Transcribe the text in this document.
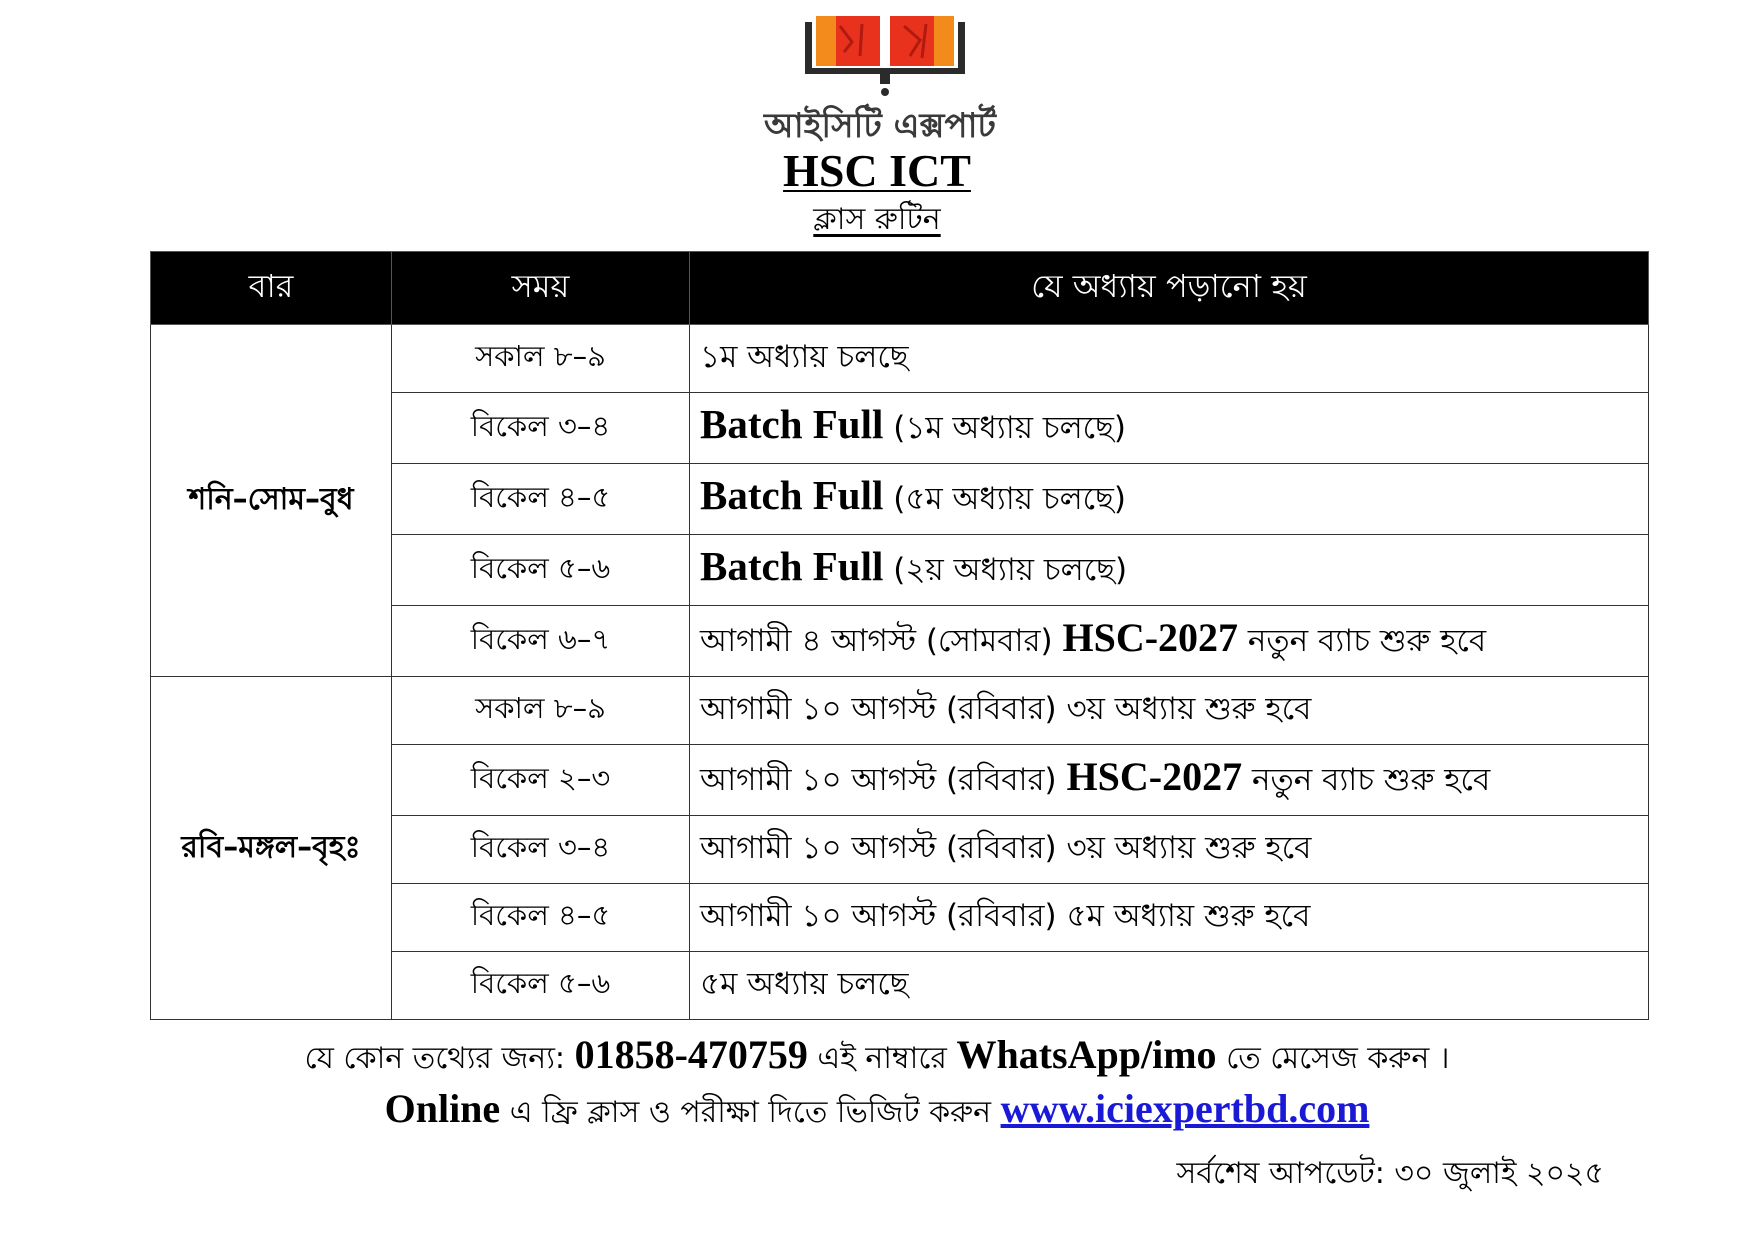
আইসিটি এক্সপার্ট
HSC ICT
ক্লাস রুটিন
বার	সময়	যে অধ্যায় পড়ানো হয়
শনি–সোম–বুধ	সকাল ৮–৯	১ম অধ্যায় চলছে
	বিকেল ৩–৪	Batch Full (১ম অধ্যায় চলছে)
	বিকেল ৪–৫	Batch Full (৫ম অধ্যায় চলছে)
	বিকেল ৫–৬	Batch Full (২য় অধ্যায় চলছে)
	বিকেল ৬–৭	আগামী ৪ আগস্ট (সোমবার) HSC-2027 নতুন ব্যাচ শুরু হবে
রবি–মঙ্গল–বৃহঃ	সকাল ৮–৯	আগামী ১০ আগস্ট (রবিবার) ৩য় অধ্যায় শুরু হবে
	বিকেল ২–৩	আগামী ১০ আগস্ট (রবিবার) HSC-2027 নতুন ব্যাচ শুরু হবে
	বিকেল ৩–৪	আগামী ১০ আগস্ট (রবিবার) ৩য় অধ্যায় শুরু হবে
	বিকেল ৪–৫	আগামী ১০ আগস্ট (রবিবার) ৫ম অধ্যায় শুরু হবে
	বিকেল ৫–৬	৫ম অধ্যায় চলছে
যে কোন তথ্যের জন্য: 01858-470759 এই নাম্বারে WhatsApp/imo তে মেসেজ করুন ।
Online এ ফ্রি ক্লাস ও পরীক্ষা দিতে ভিজিট করুন www.iciexpertbd.com
সর্বশেষ আপডেট: ৩০ জুলাই ২০২৫
